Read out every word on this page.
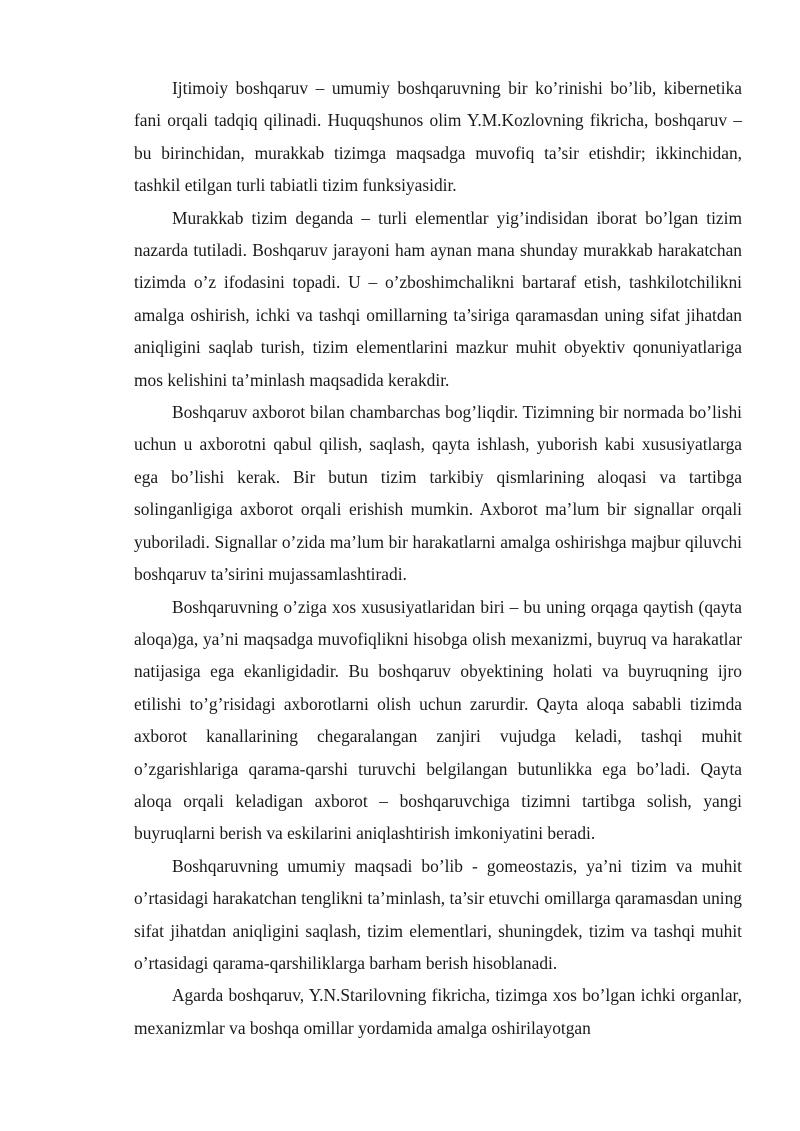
Ijtimoiy boshqaruv – umumiy boshqaruvning bir ko’rinishi bo’lib, kibernetika fani orqali tadqiq qilinadi. Huquqshunos olim Y.M.Kozlovning fikricha, boshqaruv – bu birinchidan, murakkab tizimga maqsadga muvofiq ta’sir etishdir; ikkinchidan, tashkil etilgan turli tabiatli tizim funksiyasidir.

Murakkab tizim deganda – turli elementlar yig’indisidan iborat bo’lgan tizim nazarda tutiladi. Boshqaruv jarayoni ham aynan mana shunday murakkab harakatchan tizimda o’z ifodasini topadi. U – o’zboshimchalikni bartaraf etish, tashkilotchilikni amalga oshirish, ichki va tashqi omillarning ta’siriga qaramasdan uning sifat jihatdan aniqligini saqlab turish, tizim elementlarini mazkur muhit obyektiv qonuniyatlariga mos kelishini ta’minlash maqsadida kerakdir.

Boshqaruv axborot bilan chambarchas bog’liqdir. Tizimning bir normada bo’lishi uchun u axborotni qabul qilish, saqlash, qayta ishlash, yuborish kabi xususiyatlarga ega bo’lishi kerak. Bir butun tizim tarkibiy qismlarining aloqasi va tartibga solinganligiga axborot orqali erishish mumkin. Axborot ma’lum bir signallar orqali yuboriladi. Signallar o’zida ma’lum bir harakatlarni amalga oshirishga majbur qiluvchi boshqaruv ta’sirini mujassamlashtiradi.

Boshqaruvning o’ziga xos xususiyatlaridan biri – bu uning orqaga qaytish (qayta aloqa)ga, ya’ni maqsadga muvofiqlikni hisobga olish mexanizmi, buyruq va harakatlar natijasiga ega ekanligidadir. Bu boshqaruv obyektining holati va buyruqning ijro etilishi to’g’risidagi axborotlarni olish uchun zarurdir. Qayta aloqa sababli tizimda axborot kanallarining chegaralangan zanjiri vujudga keladi, tashqi muhit o’zgarishlariga qarama-qarshi turuvchi belgilangan butunlikka ega bo’ladi. Qayta aloqa orqali keladigan axborot – boshqaruvchiga tizimni tartibga solish, yangi buyruqlarni berish va eskilarini aniqlashtirish imkoniyatini beradi.

Boshqaruvning umumiy maqsadi bo’lib - gomeostazis, ya’ni tizim va muhit o’rtasidagi harakatchan tenglikni ta’minlash, ta’sir etuvchi omillarga qaramasdan uning sifat jihatdan aniqligini saqlash, tizim elementlari, shuningdek, tizim va tashqi muhit o’rtasidagi qarama-qarshiliklarga barham berish hisoblanadi.

Agarda boshqaruv, Y.N.Starilovning fikricha, tizimga xos bo’lgan ichki organlar, mexanizmlar va boshqa omillar yordamida amalga oshirilayotgan
